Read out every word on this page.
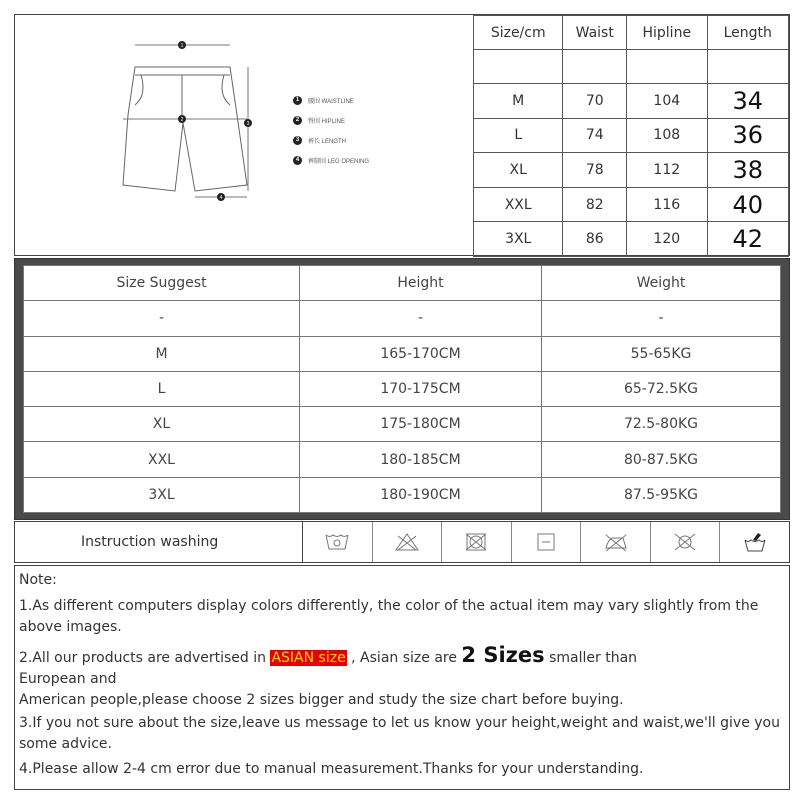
1
2
3
4
1	腰围 WAISTLINE
2	臀围 HIPLINE
3	裤长 LENGTH
4	裤脚围 LEG OPENING
Size/cm	Waist	Hipline	Length

M	70	104	34
L	74	108	36
XL	78	112	38
XXL	82	116	40
3XL	86	120	42
Size Suggest	Height	Weight
-	-	-
M	165-170CM	55-65KG
L	170-175CM	65-72.5KG
XL	175-180CM	72.5-80KG
XXL	180-185CM	80-87.5KG
3XL	180-190CM	87.5-95KG
Instruction washing

Note:

1.As different computers display colors differently, the color of the actual item may vary slightly from the above images.

2.All our products are advertised in ASIAN size , Asian size are 2 Sizes smaller than

European and

American people,please choose 2 sizes bigger and study the size chart before buying.

3.If you not sure about the size,leave us message to let us know your height,weight and waist,we'll give you some advice.

4.Please allow 2-4 cm error due to manual measurement.Thanks for your understanding.
